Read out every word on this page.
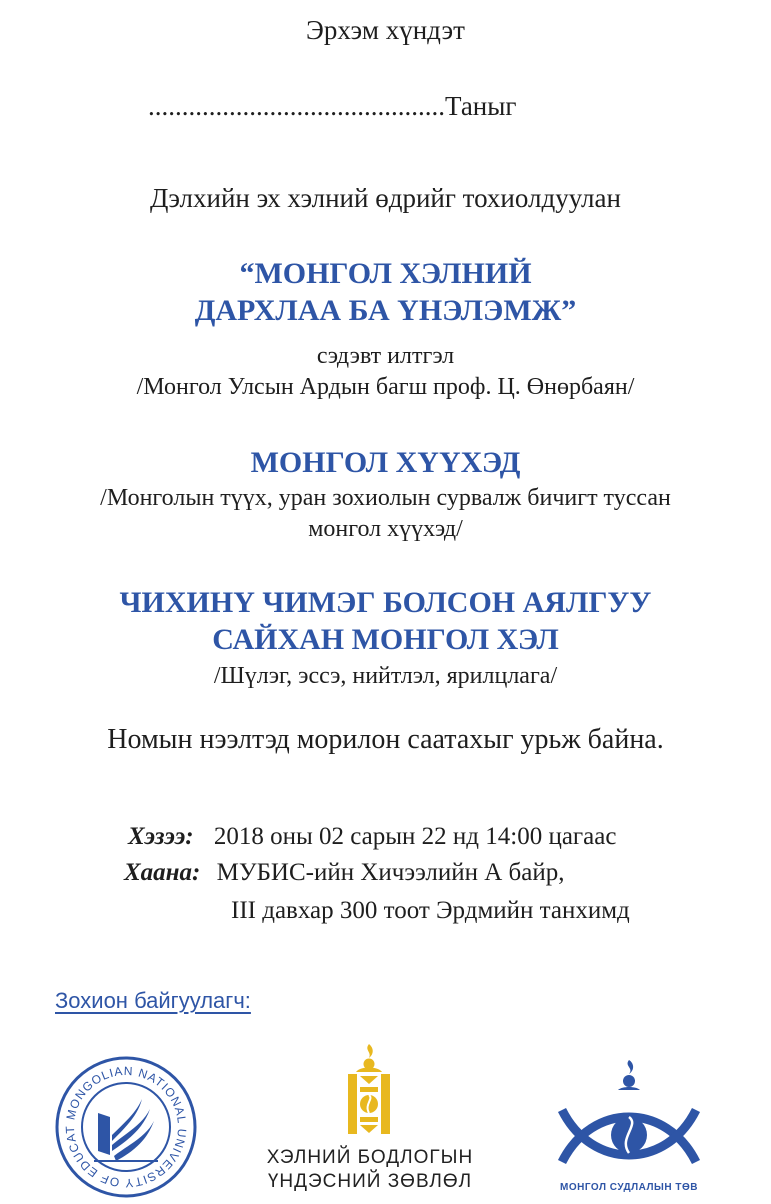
Эрхэм хүндэт
............................................Таныг
Дэлхийн эх хэлний өдрийг тохиолдуулан
“МОНГОЛ ХЭЛНИЙ
ДАРХЛАА БА ҮНЭЛЭМЖ”
сэдэвт илтгэл
/Монгол Улсын Ардын багш проф. Ц. Өнөрбаян/
МОНГОЛ ХҮҮХЭД
/Монголын түүх, уран зохиолын сурвалж бичигт туссан
монгол хүүхэд/
ЧИХИНҮ ЧИМЭГ БОЛСОН АЯЛГУУ
САЙХАН МОНГОЛ ХЭЛ
/Шүлэг, эссэ, нийтлэл, ярилцлага/
Номын нээлтэд морилон саатахыг урьж байна.
Хэзээ: 2018 оны 02 сарын 22 нд 14:00 цагаас
Хаана: МУБИС-ийн Хичээлийн А байр,
III давхар 300 тоот Эрдмийн танхимд
Зохион байгуулагч:
MONGOLIAN NATIONAL UNIVERSITY OF EDUCAT
ХЭЛНИЙ БОДЛОГЫН
ҮНДЭСНИЙ ЗӨВЛӨЛ	МОНГОЛ СУДЛАЛЫН ТӨВ
